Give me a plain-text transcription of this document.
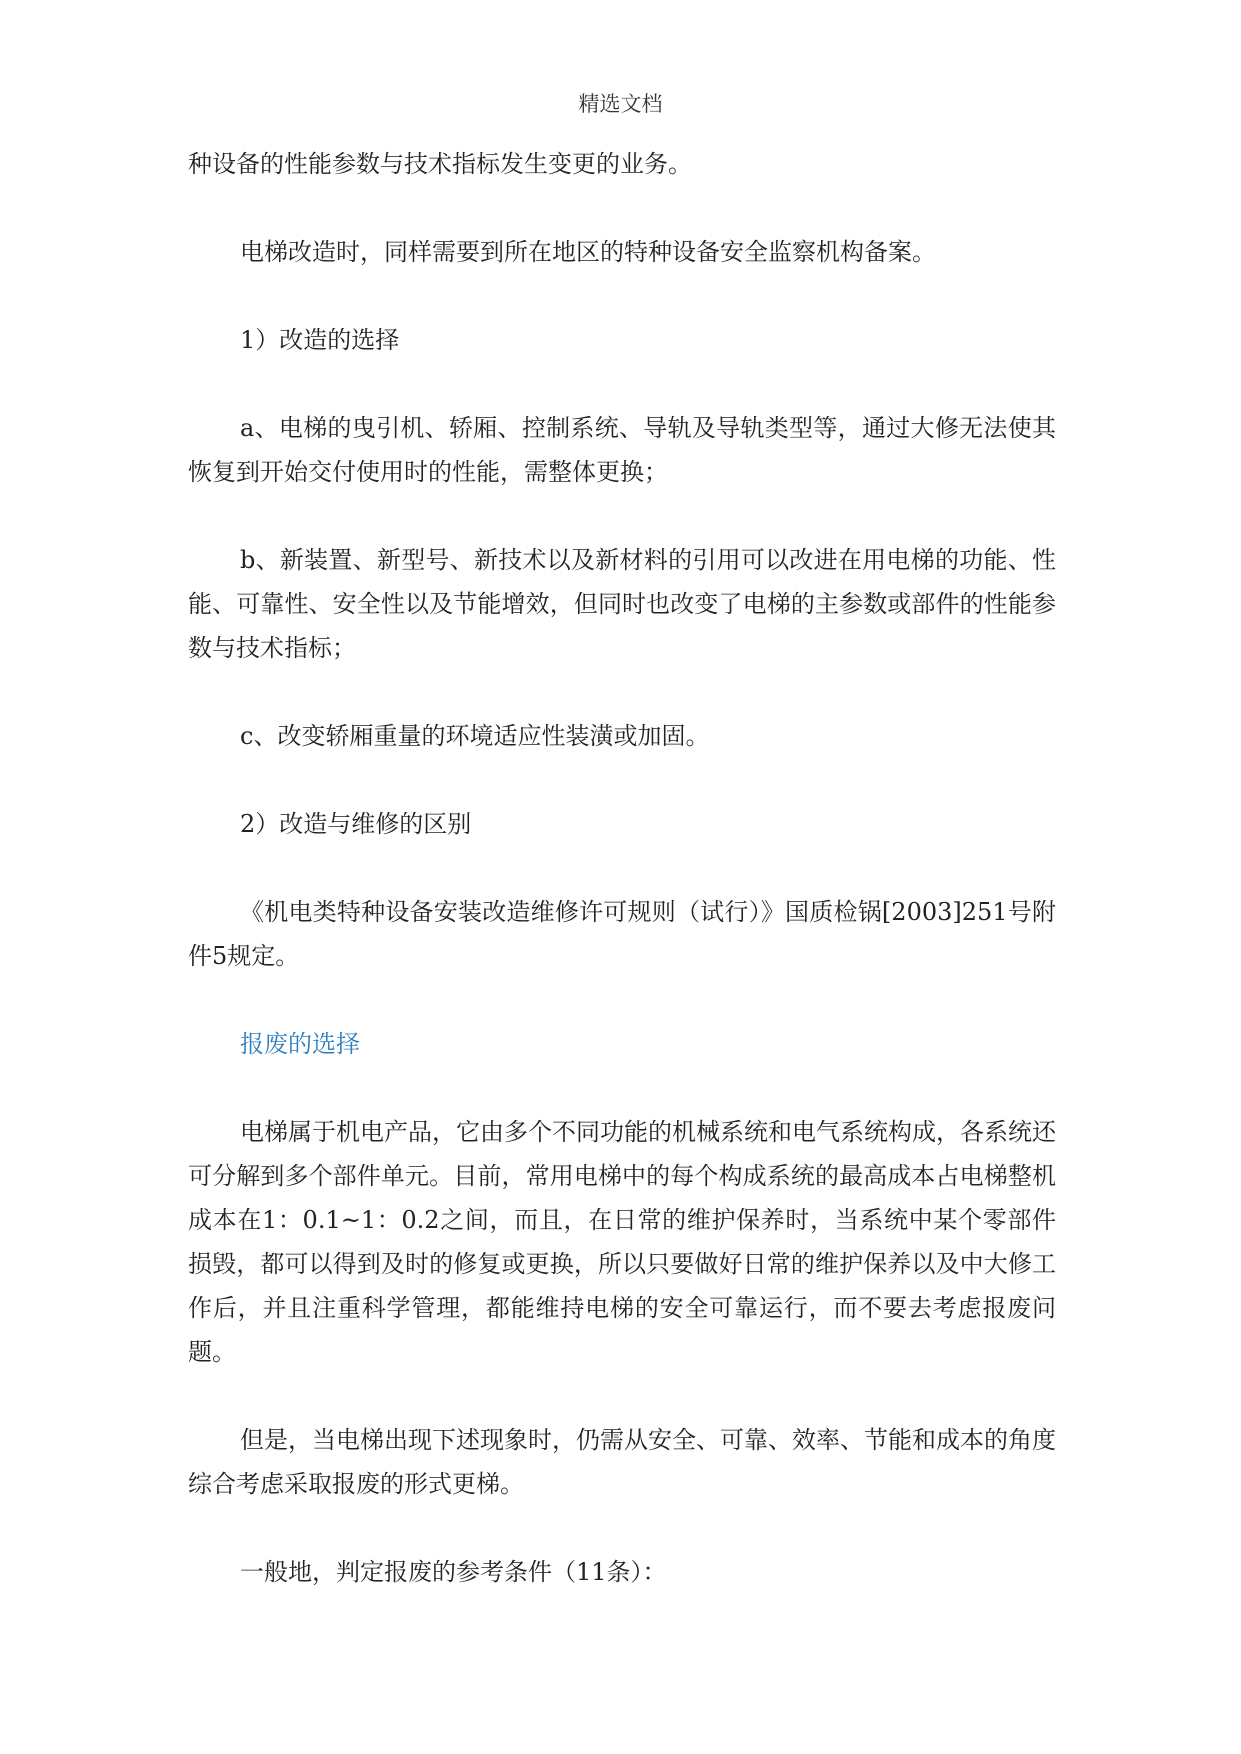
精选文档

种设备的性能参数与技术指标发生变更的业务。

电梯改造时，同样需要到所在地区的特种设备安全监察机构备案。

1）改造的选择

a、电梯的曳引机、轿厢、控制系统、导轨及导轨类型等，通过大修无法使其恢复到开始交付使用时的性能，需整体更换；

b、新装置、新型号、新技术以及新材料的引用可以改进在用电梯的功能、性能、可靠性、安全性以及节能增效，但同时也改变了电梯的主参数或部件的性能参数与技术指标；

c、改变轿厢重量的环境适应性装潢或加固。

2）改造与维修的区别

《机电类特种设备安装改造维修许可规则（试行）》国质检锅[2003]251号附件5规定。

报废的选择

电梯属于机电产品，它由多个不同功能的机械系统和电气系统构成，各系统还可分解到多个部件单元。目前，常用电梯中的每个构成系统的最高成本占电梯整机成本在1：0.1~1：0.2之间，而且，在日常的维护保养时，当系统中某个零部件损毁，都可以得到及时的修复或更换，所以只要做好日常的维护保养以及中大修工作后，并且注重科学管理，都能维持电梯的安全可靠运行，而不要去考虑报废问题。

但是，当电梯出现下述现象时，仍需从安全、可靠、效率、节能和成本的角度综合考虑采取报废的形式更梯。

一般地，判定报废的参考条件（11条）：
